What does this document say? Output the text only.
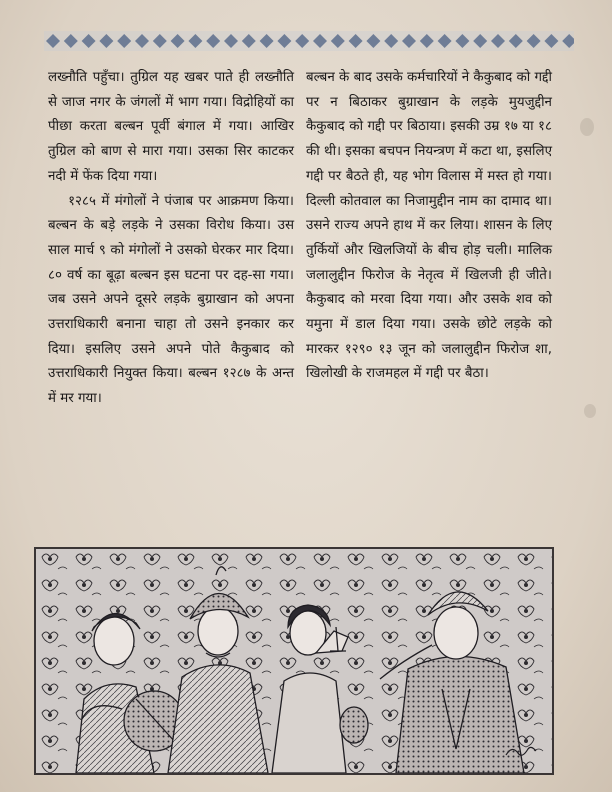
लख्नौति पहुँचा। तुग्रिल यह खबर पाते ही लख्नौति से जाज नगर के जंगलों में भाग गया। विद्रोहियों का पीछा करता बल्बन पूर्वी बंगाल में गया। आखिर तुग्रिल को बाण से मारा गया। उसका सिर काटकर नदी में फेंक दिया गया।

१२८५ में मंगोलों ने पंजाब पर आक्रमण किया। बल्बन के बड़े लड़के ने उसका विरोध किया। उस साल मार्च ९ को मंगोलों ने उसको घेरकर मार दिया। ८० वर्ष का बूढ़ा बल्बन इस घटना पर दह-सा गया। जब उसने अपने दूसरे लड़के बुग्राखान को अपना उत्तराधिकारी बनाना चाहा तो उसने इनकार कर दिया। इसलिए उसने अपने पोते कैकुबाद को उत्तराधिकारी नियुक्त किया। बल्बन १२८७ के अन्त में मर गया।

बल्बन के बाद उसके कर्मचारियों ने कैकुबाद को गद्दी पर न बिठाकर बुग्राखान के लड़के मुयजुद्दीन कैकुबाद को गद्दी पर बिठाया। इसकी उम्र १७ या १८ की थी। इसका बचपन नियन्त्रण में कटा था, इसलिए गद्दी पर बैठते ही, यह भोग विलास में मस्त हो गया। दिल्ली कोतवाल का निजामुद्दीन नाम का दामाद था। उसने राज्य अपने हाथ में कर लिया। शासन के लिए तुर्कियों और खिलजियों के बीच होड़ चली। मालिक जलालुद्दीन फिरोज के नेतृत्व में खिलजी ही जीते। कैकुबाद को मरवा दिया गया। और उसके शव को यमुना में डाल दिया गया। उसके छोटे लड़के को मारकर १२९० १३ जून को जलालुद्दीन फिरोज शा, खिलोखी के राजमहल में गद्दी पर बैठा।
